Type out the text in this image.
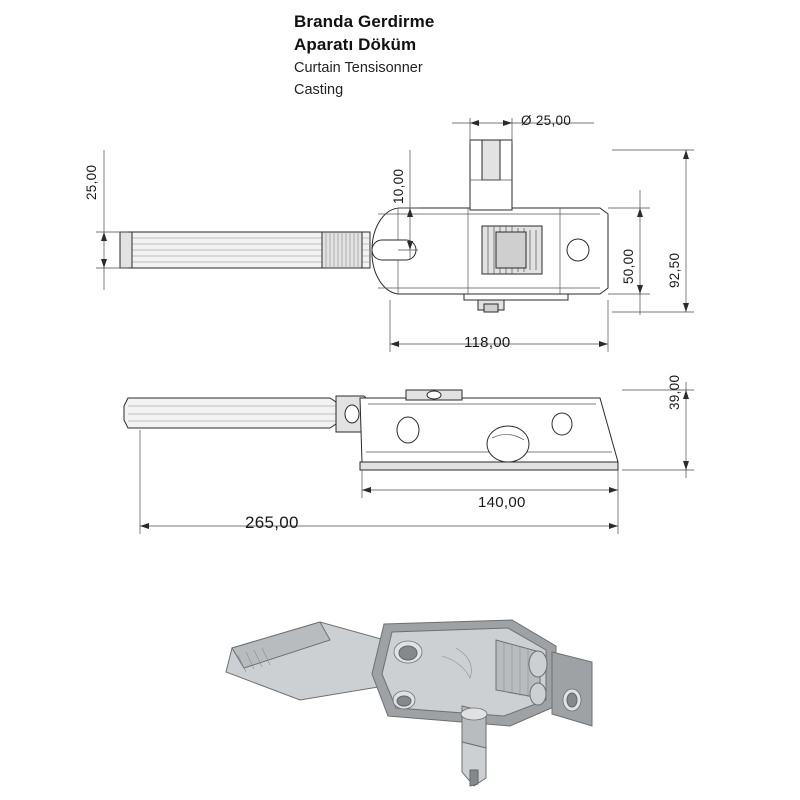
Branda Gerdirme
Aparatı Döküm
Curtain Tensisonner
Casting
Ø 25,00
25,00	10,00
50,00 92,50
118,00
39,00
140,00
265,00
